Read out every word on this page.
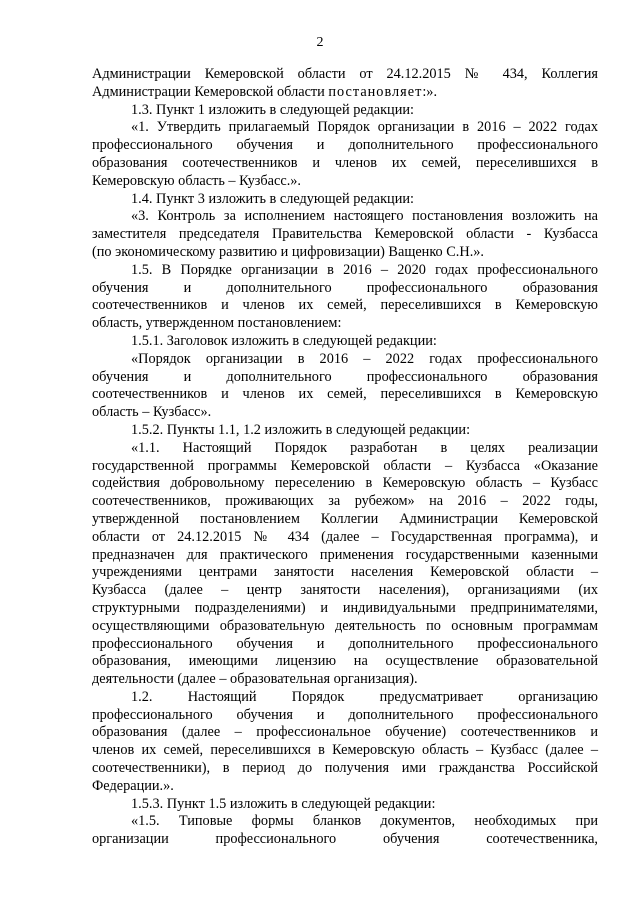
2
Администрации Кемеровской области от 24.12.2015 № 434, Коллегия
Администрации Кемеровской области постановляет:».
1.3. Пункт 1 изложить в следующей редакции:
«1. Утвердить прилагаемый Порядок организации в 2016 – 2022 годах
профессионального обучения и дополнительного профессионального
образования соотечественников и членов их семей, переселившихся в
Кемеровскую область – Кузбасс.».
1.4. Пункт 3 изложить в следующей редакции:
«3. Контроль за исполнением настоящего постановления возложить на
заместителя председателя Правительства Кемеровской области - Кузбасса
(по экономическому развитию и цифровизации) Ващенко С.Н.».
1.5. В Порядке организации в 2016 – 2020 годах профессионального
обучения и дополнительного профессионального образования
соотечественников и членов их семей, переселившихся в Кемеровскую
область, утвержденном постановлением:
1.5.1. Заголовок изложить в следующей редакции:
«Порядок организации в 2016 – 2022 годах профессионального
обучения и дополнительного профессионального образования
соотечественников и членов их семей, переселившихся в Кемеровскую
область – Кузбасс».
1.5.2. Пункты 1.1, 1.2 изложить в следующей редакции:
«1.1. Настоящий Порядок разработан в целях реализации
государственной программы Кемеровской области – Кузбасса «Оказание
содействия добровольному переселению в Кемеровскую область – Кузбасс
соотечественников, проживающих за рубежом» на 2016 – 2022 годы,
утвержденной постановлением Коллегии Администрации Кемеровской
области от 24.12.2015 № 434 (далее – Государственная программа), и
предназначен для практического применения государственными казенными
учреждениями центрами занятости населения Кемеровской области –
Кузбасса (далее – центр занятости населения), организациями (их
структурными подразделениями) и индивидуальными предпринимателями,
осуществляющими образовательную деятельность по основным программам
профессионального обучения и дополнительного профессионального
образования, имеющими лицензию на осуществление образовательной
деятельности (далее – образовательная организация).
1.2. Настоящий Порядок предусматривает организацию
профессионального обучения и дополнительного профессионального
образования (далее – профессиональное обучение) соотечественников и
членов их семей, переселившихся в Кемеровскую область – Кузбасс (далее –
соотечественники), в период до получения ими гражданства Российской
Федерации.».
1.5.3. Пункт 1.5 изложить в следующей редакции:
«1.5. Типовые формы бланков документов, необходимых при
организации профессионального обучения соотечественника,
